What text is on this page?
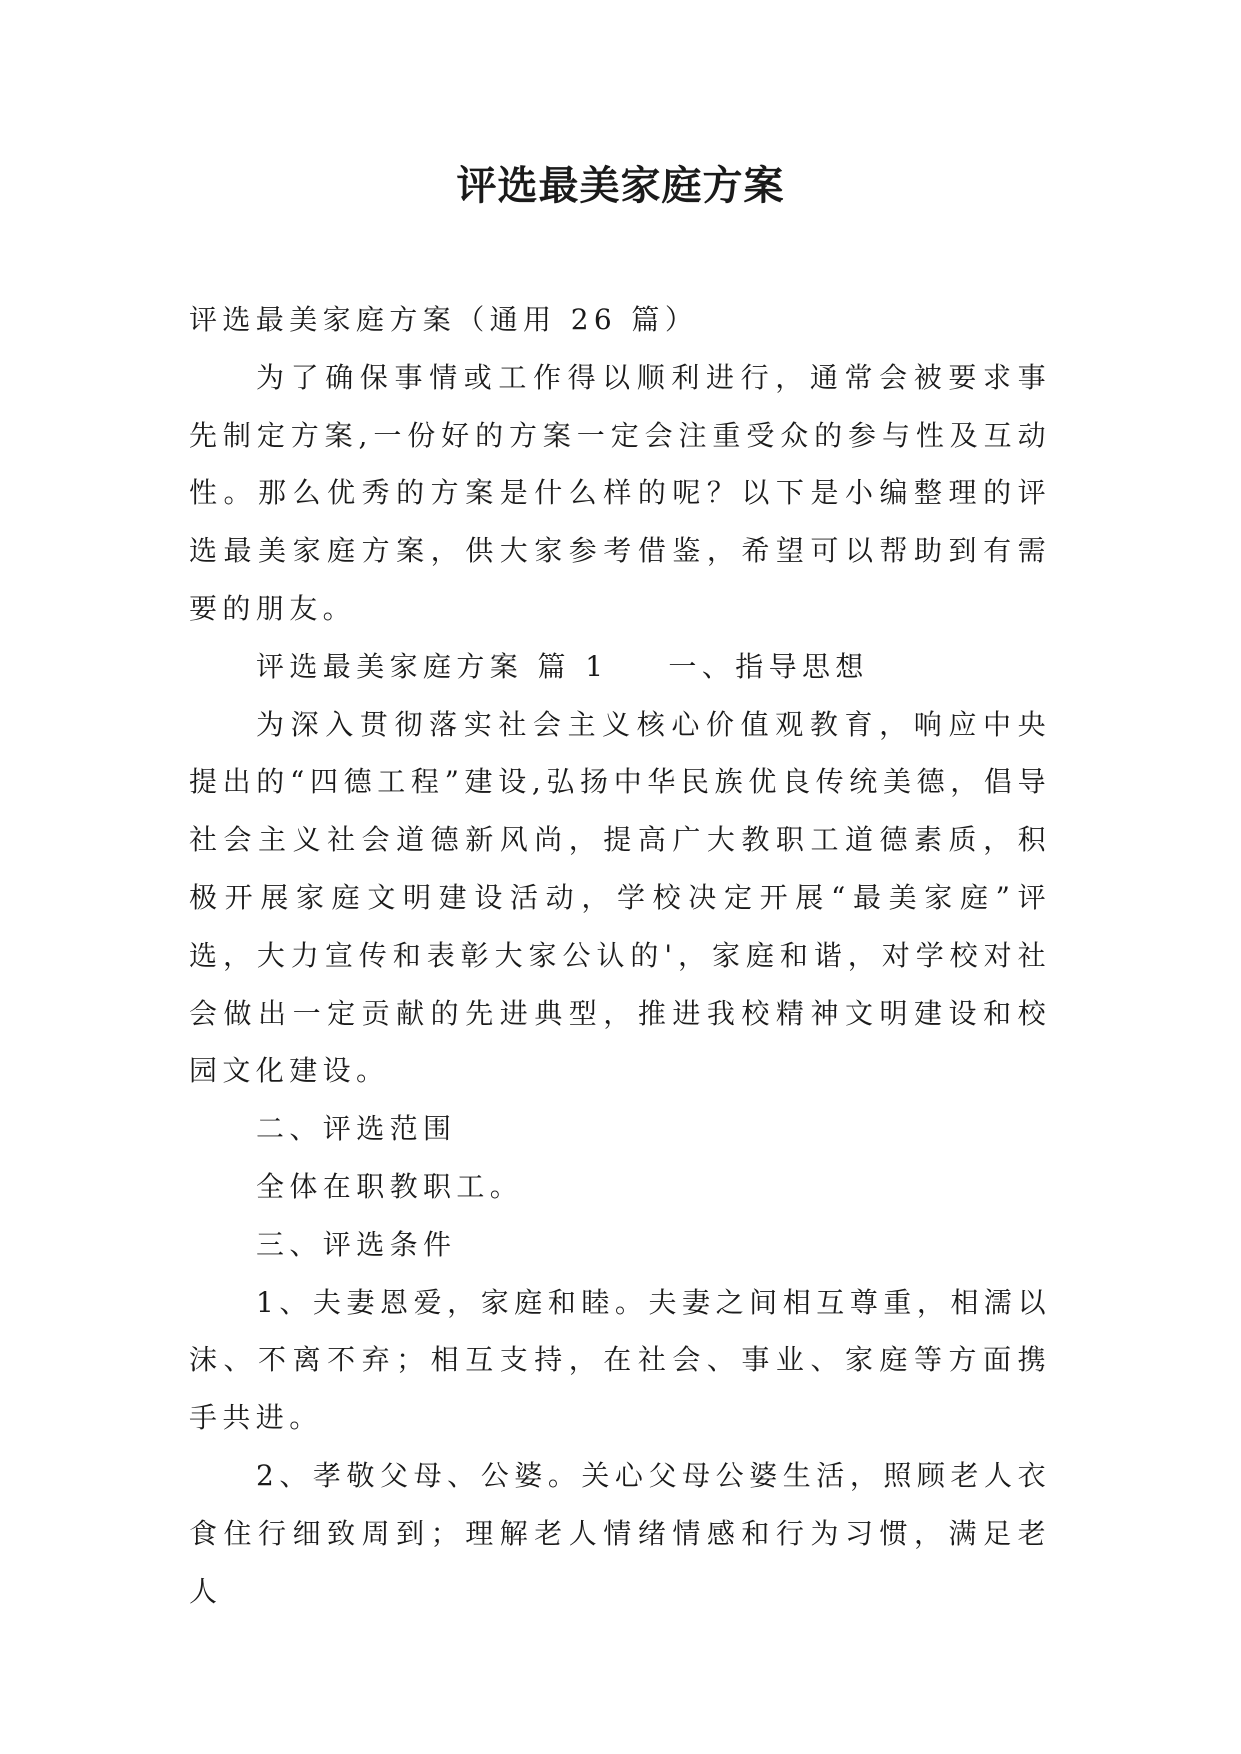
评选最美家庭方案

评选最美家庭方案（通用 26 篇）

为了确保事情或工作得以顺利进行，通常会被要求事先制定方案,一份好的方案一定会注重受众的参与性及互动性。那么优秀的方案是什么样的呢？以下是小编整理的评选最美家庭方案，供大家参考借鉴，希望可以帮助到有需要的朋友。

评选最美家庭方案 篇 1 一、指导思想

为深入贯彻落实社会主义核心价值观教育，响应中央提出的“四德工程”建设,弘扬中华民族优良传统美德，倡导社会主义社会道德新风尚，提高广大教职工道德素质，积极开展家庭文明建设活动，学校决定开展“最美家庭”评选，大力宣传和表彰大家公认的'，家庭和谐，对学校对社会做出一定贡献的先进典型，推进我校精神文明建设和校园文化建设。

二、评选范围

全体在职教职工。

三、评选条件

1、夫妻恩爱，家庭和睦。夫妻之间相互尊重，相濡以沫、不离不弃；相互支持，在社会、事业、家庭等方面携手共进。

2、孝敬父母、公婆。关心父母公婆生活，照顾老人衣食住行细致周到；理解老人情绪情感和行为习惯，满足老人
